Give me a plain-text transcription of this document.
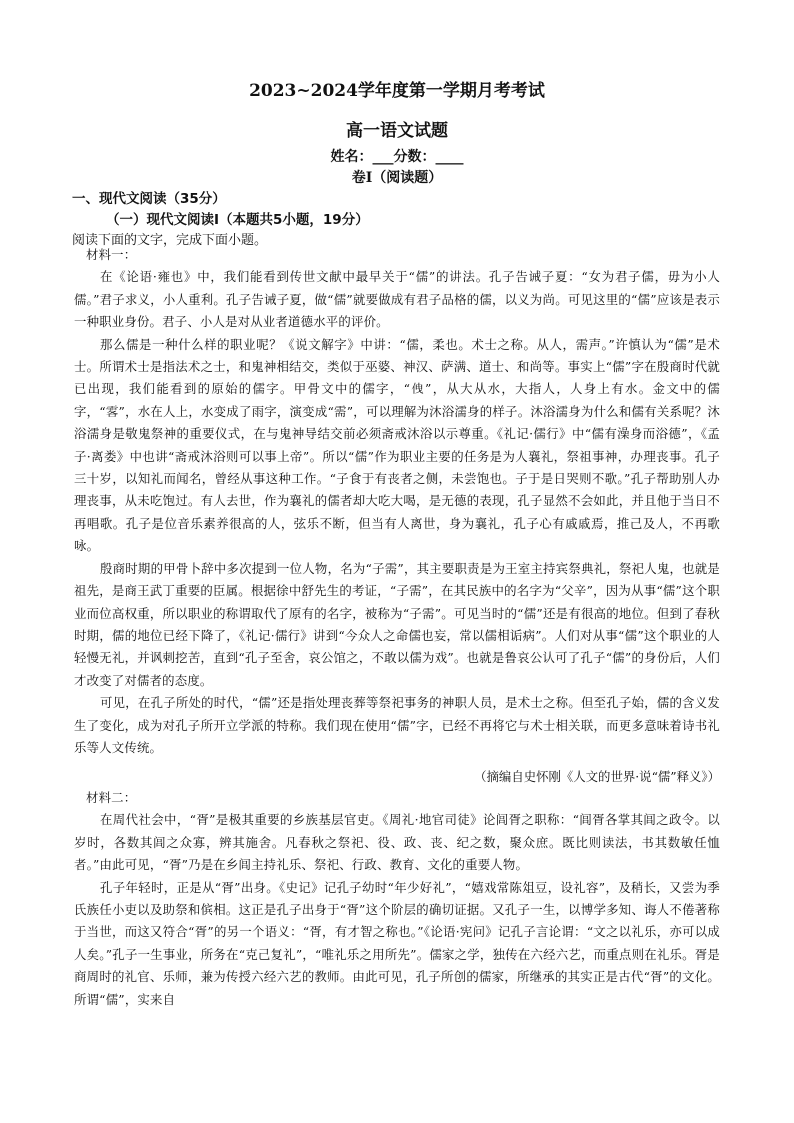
2023~2024学年度第一学期月考考试
高一语文试题
姓名：___分数：____
卷Ⅰ（阅读题）
一、现代文阅读（35分）
（一）现代文阅读Ⅰ（本题共5小题，19分）
阅读下面的文字，完成下面小题。

材料一：

在《论语·雍也》中，我们能看到传世文献中最早关于“儒”的讲法。孔子告诫子夏：“女为君子儒，毋为小人儒。”君子求义，小人重利。孔子告诫子夏，做“儒”就要做成有君子品格的儒，以义为尚。可见这里的“儒”应该是表示一种职业身份。君子、小人是对从业者道德水平的评价。

那么儒是一种什么样的职业呢？《说文解字》中讲：“儒，柔也。术士之称。从人，需声。”许慎认为“儒”是术士。所谓术士是指法术之士，和鬼神相结交，类似于巫婆、神汉、萨满、道士、和尚等。事实上“儒”字在殷商时代就已出现，我们能看到的原始的儒字。甲骨文中的儒字，“𠈐”，从大从水，大指人，人身上有水。金文中的儒字，“𩂣”，水在人上，水变成了雨字，演变成“需”，可以理解为沐浴濡身的样子。沐浴濡身为什么和儒有关系呢？沐浴濡身是敬鬼祭神的重要仪式，在与鬼神导结交前必须斋戒沐浴以示尊重。《礼记·儒行》中“儒有澡身而浴德”，《孟子·离娄》中也讲“斋戒沐浴则可以事上帝”。所以“儒”作为职业主要的任务是为人襄礼，祭祖事神，办理丧事。孔子三十岁，以知礼而闻名，曾经从事这种工作。“子食于有丧者之侧，未尝饱也。子于是日哭则不歌。”孔子帮助别人办理丧事，从未吃饱过。有人去世，作为襄礼的儒者却大吃大喝，是无德的表现，孔子显然不会如此，并且他于当日不再唱歌。孔子是位音乐素养很高的人，弦乐不断，但当有人离世，身为襄礼，孔子心有戚戚焉，推己及人，不再歌咏。

殷商时期的甲骨卜辞中多次提到一位人物，名为“子需”，其主要职责是为王室主持宾祭典礼，祭祀人鬼，也就是祖先，是商王武丁重要的臣属。根据徐中舒先生的考证，“子需”，在其民族中的名字为“父辛”，因为从事“儒”这个职业而位高权重，所以职业的称谓取代了原有的名字，被称为“子需”。可见当时的“儒”还是有很高的地位。但到了春秋时期，儒的地位已经下降了，《礼记·儒行》讲到“今众人之命儒也妄，常以儒相诟病”。人们对从事“儒”这个职业的人轻慢无礼，并讽刺挖苦，直到“孔子至舍，哀公馆之，不敢以儒为戏”。也就是鲁哀公认可了孔子“儒”的身份后，人们才改变了对儒者的态度。

可见，在孔子所处的时代，“儒”还是指处理丧葬等祭祀事务的神职人员，是术士之称。但至孔子始，儒的含义发生了变化，成为对孔子所开立学派的特称。我们现在使用“儒”字，已经不再将它与术士相关联，而更多意味着诗书礼乐等人文传统。

（摘编自史怀刚《人文的世界·说“儒”释义》）

材料二：

在周代社会中，“胥”是极其重要的乡族基层官吏。《周礼·地官司徒》论闾胥之职称：“闾胥各掌其闾之政令。以岁时，各数其闾之众寡，辨其施舍。凡春秋之祭祀、役、政、丧、纪之数，聚众庶。既比则读法，书其数敏任恤者。”由此可见，“胥”乃是在乡闾主持礼乐、祭祀、行政、教育、文化的重要人物。

孔子年轻时，正是从“胥”出身。《史记》记孔子幼时“年少好礼”，“嬉戏常陈俎豆，设礼容”，及稍长，又尝为季氏族任小吏以及助祭和傧相。这正是孔子出身于“胥”这个阶层的确切证据。又孔子一生，以博学多知、诲人不倦著称于当世，而这又符合“胥”的另一个语义：“胥，有才智之称也。”《论语·宪问》记孔子言论谓：“文之以礼乐，亦可以成人矣。”孔子一生事业，所务在“克己复礼”，“唯礼乐之用所先”。儒家之学，独传在六经六艺，而重点则在礼乐。胥是商周时的礼官、乐师，兼为传授六经六艺的教师。由此可见，孔子所创的儒家，所继承的其实正是古代“胥”的文化。所谓“儒”，实来自
